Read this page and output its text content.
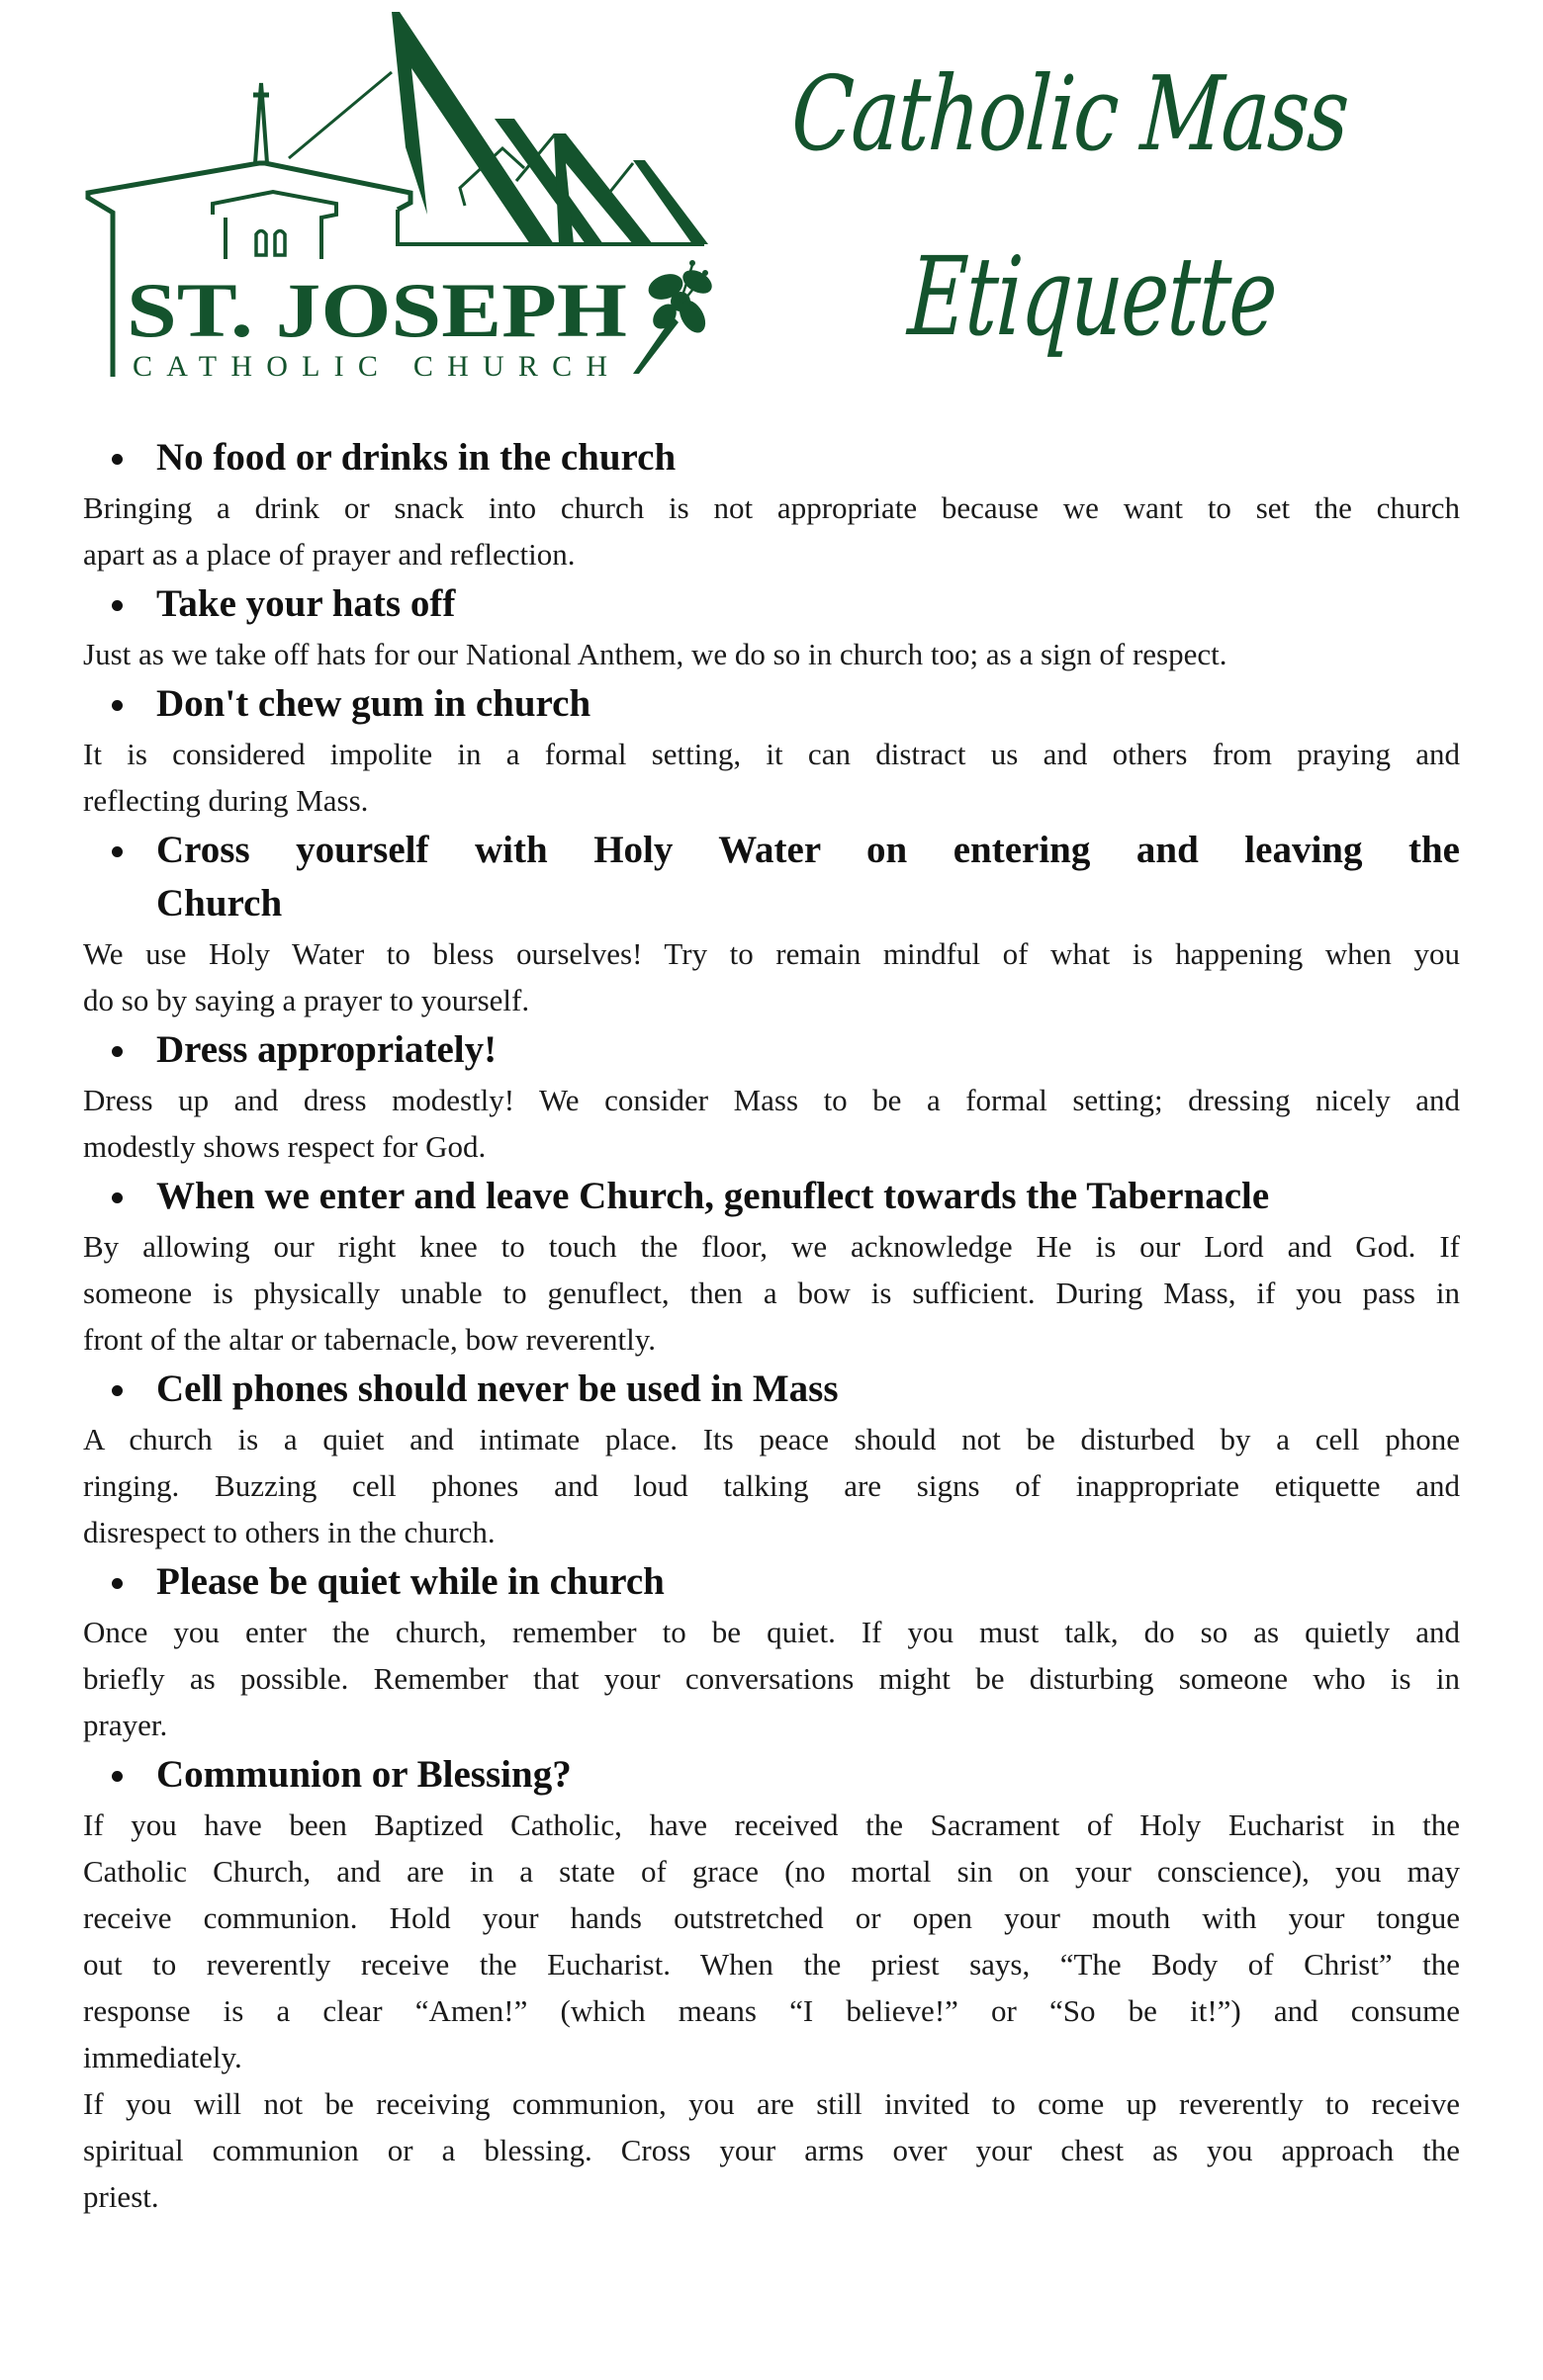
ST. JOSEPH
CATHOLIC CHURCH
Catholic Mass
Etiquette
No food or drinks in the church
Bringing a drink or snack into church is not appropriate because we want to set the church
apart as a place of prayer and reflection.
Take your hats off
Just as we take off hats for our National Anthem, we do so in church too; as a sign of respect.
Don't chew gum in church
It is considered impolite in a formal setting, it can distract us and others from praying and
reflecting during Mass.
Cross yourself with Holy Water on entering and leaving the
Church
We use Holy Water to bless ourselves! Try to remain mindful of what is happening when you
do so by saying a prayer to yourself.
Dress appropriately!
Dress up and dress modestly! We consider Mass to be a formal setting; dressing nicely and
modestly shows respect for God.
When we enter and leave Church, genuflect towards the Tabernacle
By allowing our right knee to touch the floor, we acknowledge He is our Lord and God. If
someone is physically unable to genuflect, then a bow is sufficient. During Mass, if you pass in
front of the altar or tabernacle, bow reverently.
Cell phones should never be used in Mass
A church is a quiet and intimate place. Its peace should not be disturbed by a cell phone
ringing. Buzzing cell phones and loud talking are signs of inappropriate etiquette and
disrespect to others in the church.
Please be quiet while in church
Once you enter the church, remember to be quiet. If you must talk, do so as quietly and
briefly as possible. Remember that your conversations might be disturbing someone who is in
prayer.
Communion or Blessing?
If you have been Baptized Catholic, have received the Sacrament of Holy Eucharist in the
Catholic Church, and are in a state of grace (no mortal sin on your conscience), you may
receive communion. Hold your hands outstretched or open your mouth with your tongue
out to reverently receive the Eucharist. When the priest says, “The Body of Christ” the
response is a clear “Amen!” (which means “I believe!” or “So be it!”) and consume
immediately.
If you will not be receiving communion, you are still invited to come up reverently to receive
spiritual communion or a blessing. Cross your arms over your chest as you approach the
priest.
